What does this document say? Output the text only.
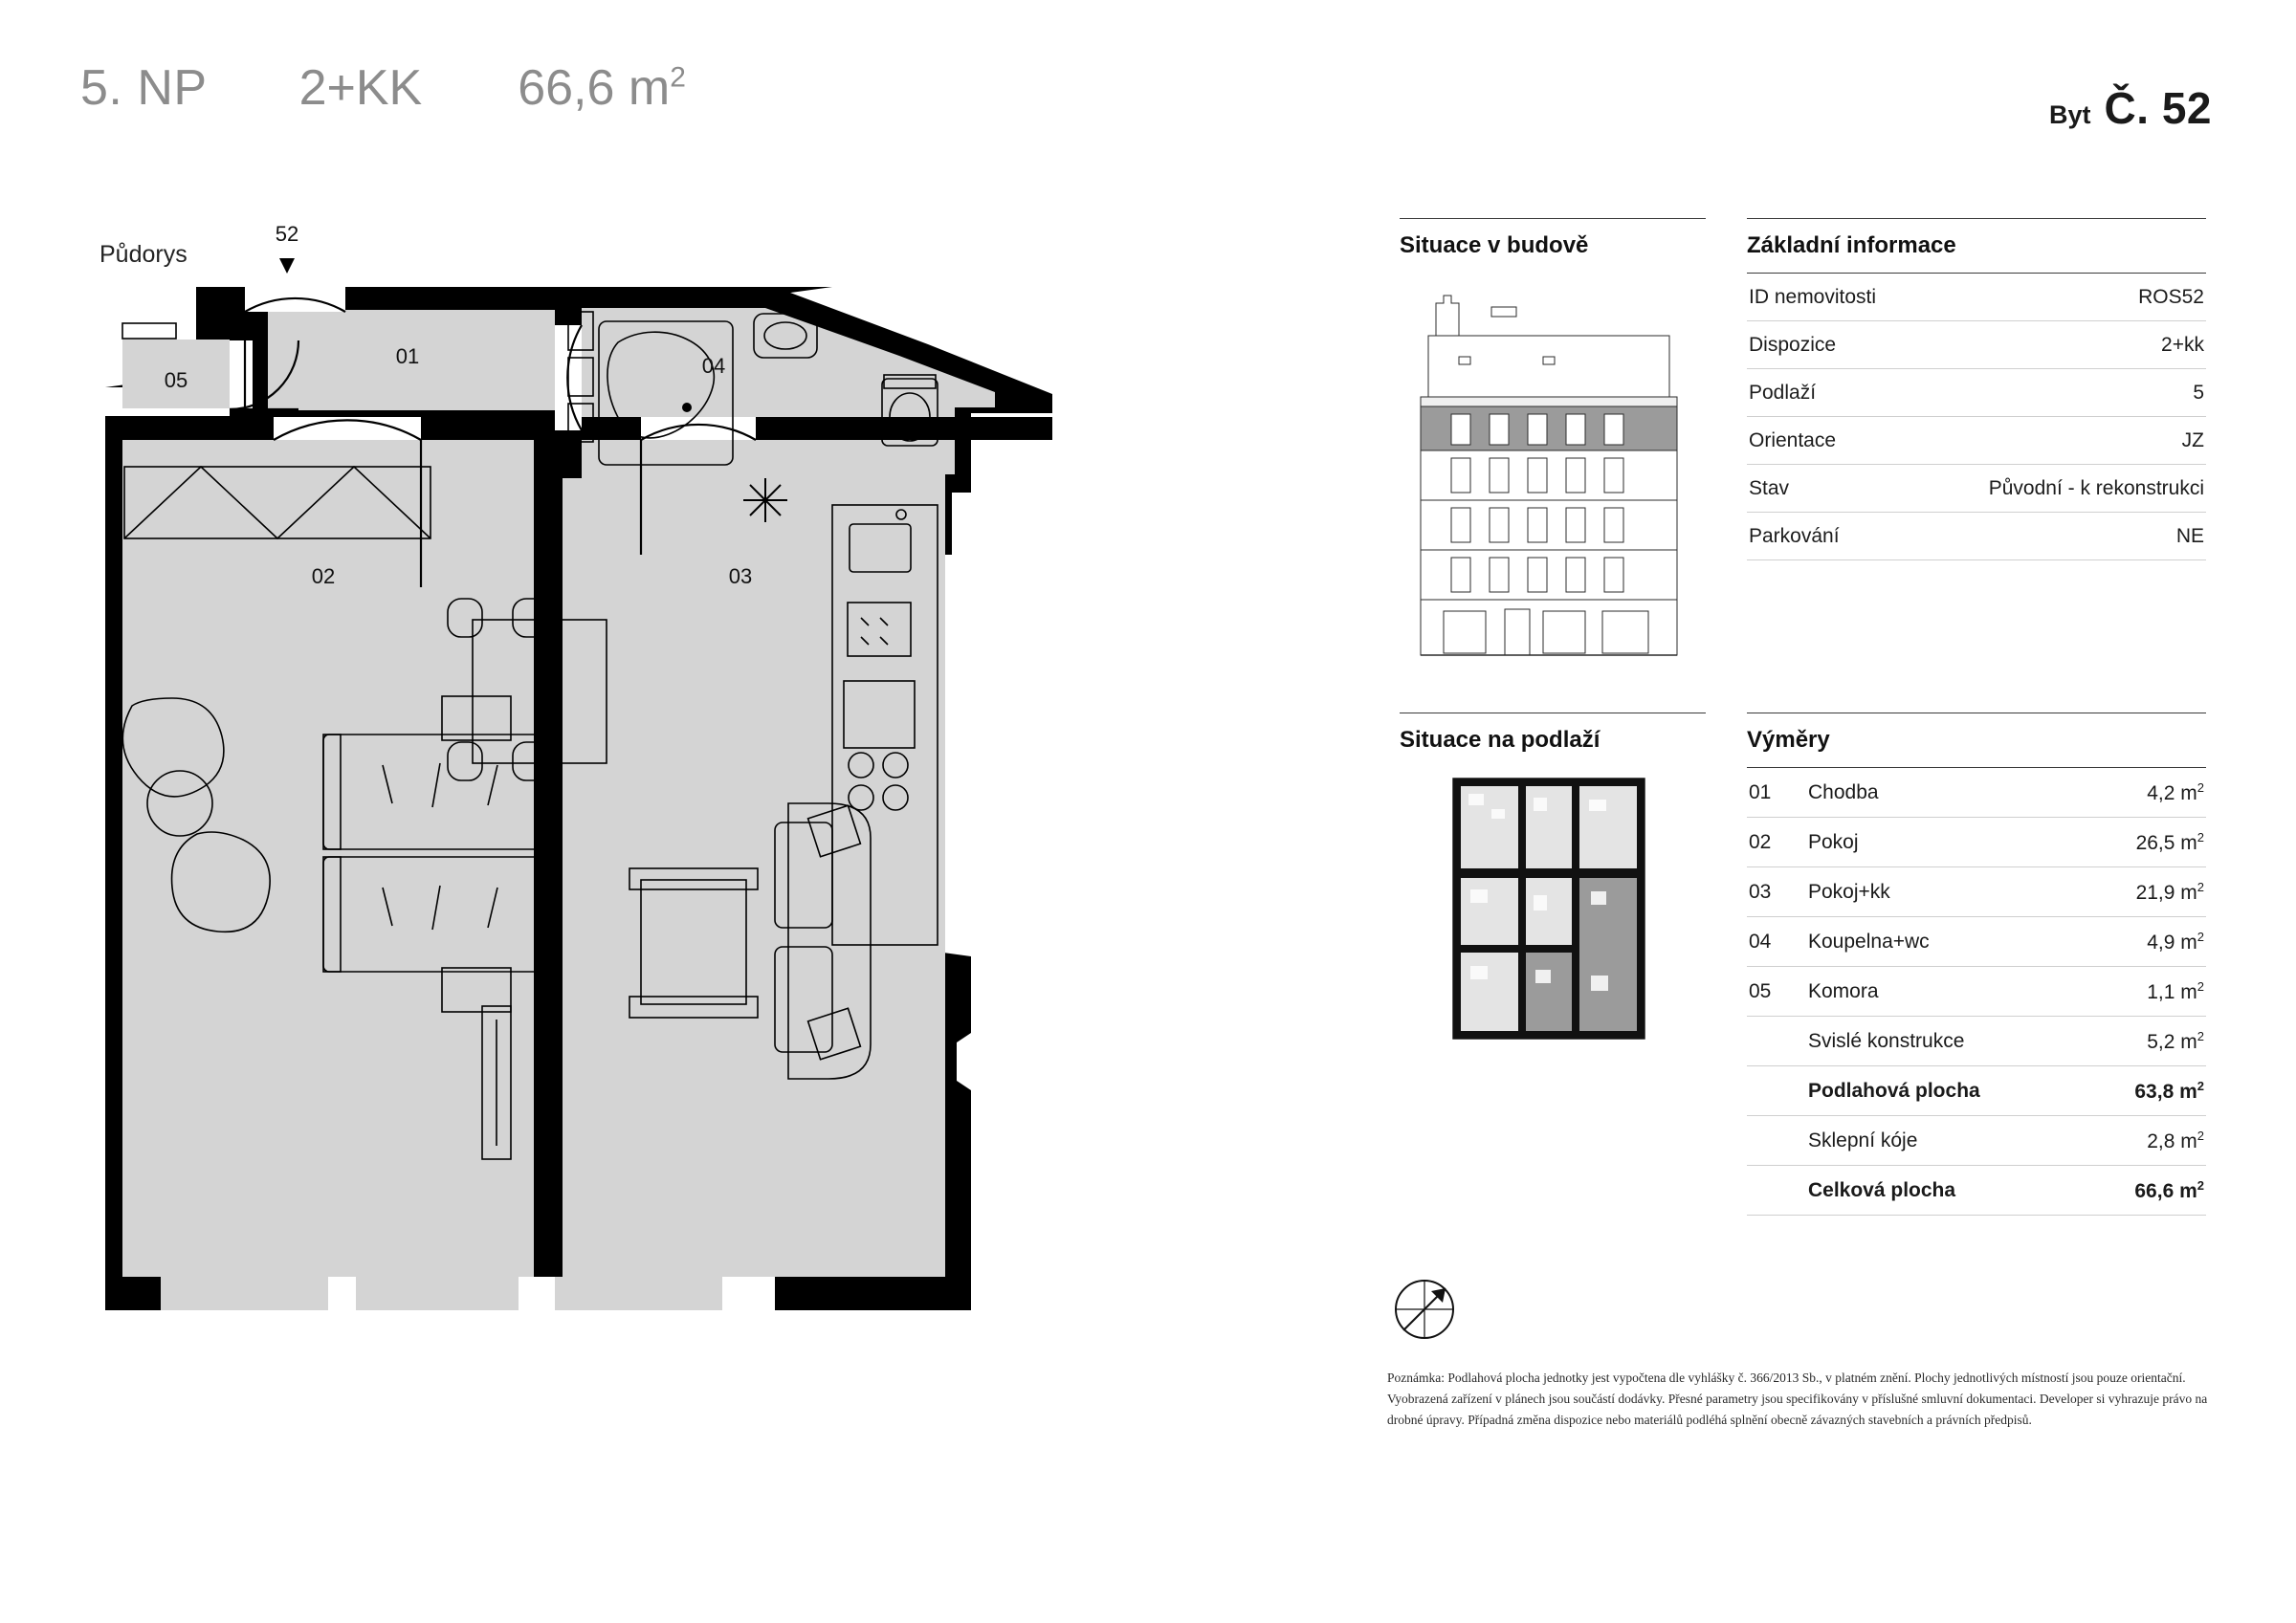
5. NP 2+KK 66,6 $m^2$
Byt Č. 52
Půdorys
52
05
01	04
02	03
Situace v budově
Situace na podlaží
Základní informace
ID nemovitosti	ROS52
Dispozice	2+kk
Podlaží	5
Orientace	JZ
Stav	Původní - k rekonstrukci
Parkování	NE
Výměry
01	Chodba	4,2 $m^2$
02	Pokoj	26,5 $m^2$
03	Pokoj+kk	21,9 $m^2$
04	Koupelna+wc	4,9 $m^2$
05	Komora	1,1 $m^2$
	Svislé konstrukce	5,2 $m^2$
	Podlahová plocha	63,8 $m^2$
	Sklepní kóje	2,8 $m^2$
	Celková plocha	66,6 $m^2$
Poznámka: Podlahová plocha jednotky jest vypočtena dle vyhlášky č. 366/2013 Sb., v platném znění. Plochy jednotlivých místností jsou pouze orientační. Vyobrazená zařízení v plánech jsou součástí dodávky. Přesné parametry jsou specifikovány v příslušné smluvní dokumentaci. Developer si vyhrazuje právo na drobné úpravy. Případná změna dispozice nebo materiálů podléhá splnění obecně závazných stavebních a právních předpisů.
